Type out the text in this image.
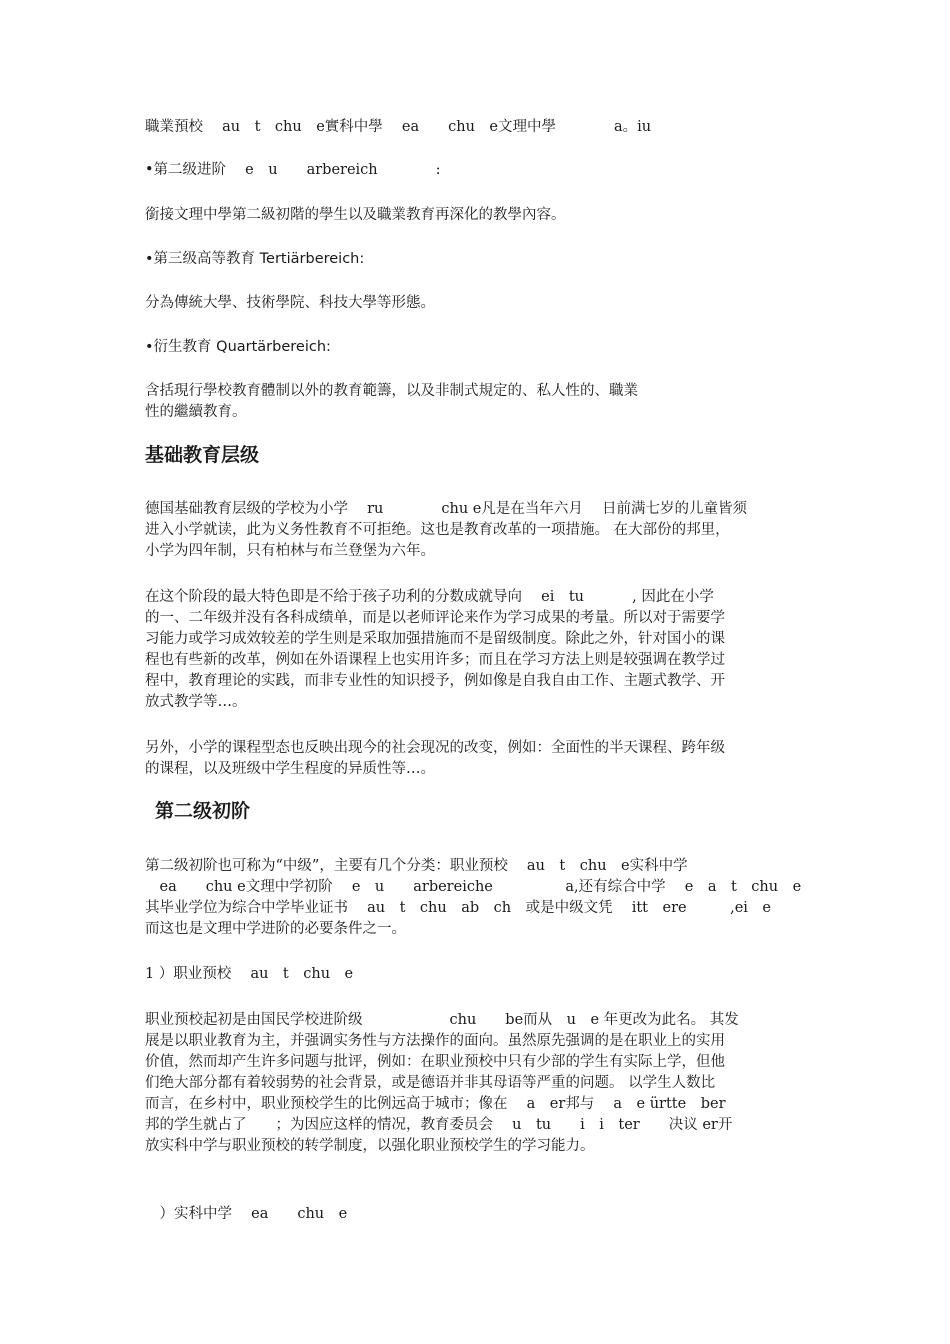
職業預校　 au　t　chu　e實科中學　 ea　　chu　e文理中學　　　　a。iu
•第二级进阶　 e　u　　arbereich　　　　:
銜接文理中學第二級初階的學生以及職業教育再深化的教學內容。
•第三级高等教育 Tertiärbereich:
分為傳統大學、技術學院、科技大學等形態。
•衍生教育 Quartärbereich:
含括現行學校教育體制以外的教育範籌，以及非制式規定的、私人性的、職業
性的繼續教育。
基础教育层级
德国基础教育层级的学校为小学　 ru　　　　chu e凡是在当年六月　 日前满七岁的儿童皆须
进入小学就读，此为义务性教育不可拒绝。这也是教育改革的一项措施。 在大部份的邦里，
小学为四年制，只有柏林与布兰登堡为六年。
在这个阶段的最大特色即是不给于孩子功利的分数成就导向　 ei　tu　　　 , 因此在小学
的一、二年级并没有各科成绩单，而是以老师评论来作为学习成果的考量。所以对于需要学
习能力或学习成效较差的学生则是采取加强措施而不是留级制度。除此之外，针对国小的课
程也有些新的改革，例如在外语课程上也实用许多；而且在学习方法上则是较强调在教学过
程中，教育理论的实践，而非专业性的知识授予，例如像是自我自由工作、主题式教学、开
放式教学等…。
另外，小学的课程型态也反映出现今的社会现况的改变，例如：全面性的半天课程、跨年级
的课程，以及班级中学生程度的异质性等…。
第二级初阶
第二级初阶也可称为“中级”，主要有几个分类：职业预校　 au　t　chu　e实科中学
　ea　　chu e文理中学初阶　 e　u　　arbereiche　　　　　a,还有综合中学　 e　a　t　chu　e
其毕业学位为综合中学毕业证书　 au　t　chu　ab　ch　或是中级文凭　 itt　ere　　　,ei　e
而这也是文理中学进阶的必要条件之一。
1 ）职业预校　 au　t　chu　e
职业预校起初是由国民学校进阶级　　　　　　chu　　be而从　u　e 年更改为此名。 其发
展是以职业教育为主，并强调实务性与方法操作的面向。虽然原先强调的是在职业上的实用
价值，然而却产生许多问题与批评，例如：在职业预校中只有少部的学生有实际上学，但他
们绝大部分都有着较弱势的社会背景，或是德语并非其母语等严重的问题。 以学生人数比
而言，在乡村中，职业预校学生的比例远高于城市；像在　 a　er邦与　 a　e ürtte　ber
邦的学生就占了　　；为因应这样的情况，教育委员会　 u　tu　　i　i　ter　　决议 er开
放实科中学与职业预校的转学制度，以强化职业预校学生的学习能力。
　）实科中学　 ea　　chu　e
